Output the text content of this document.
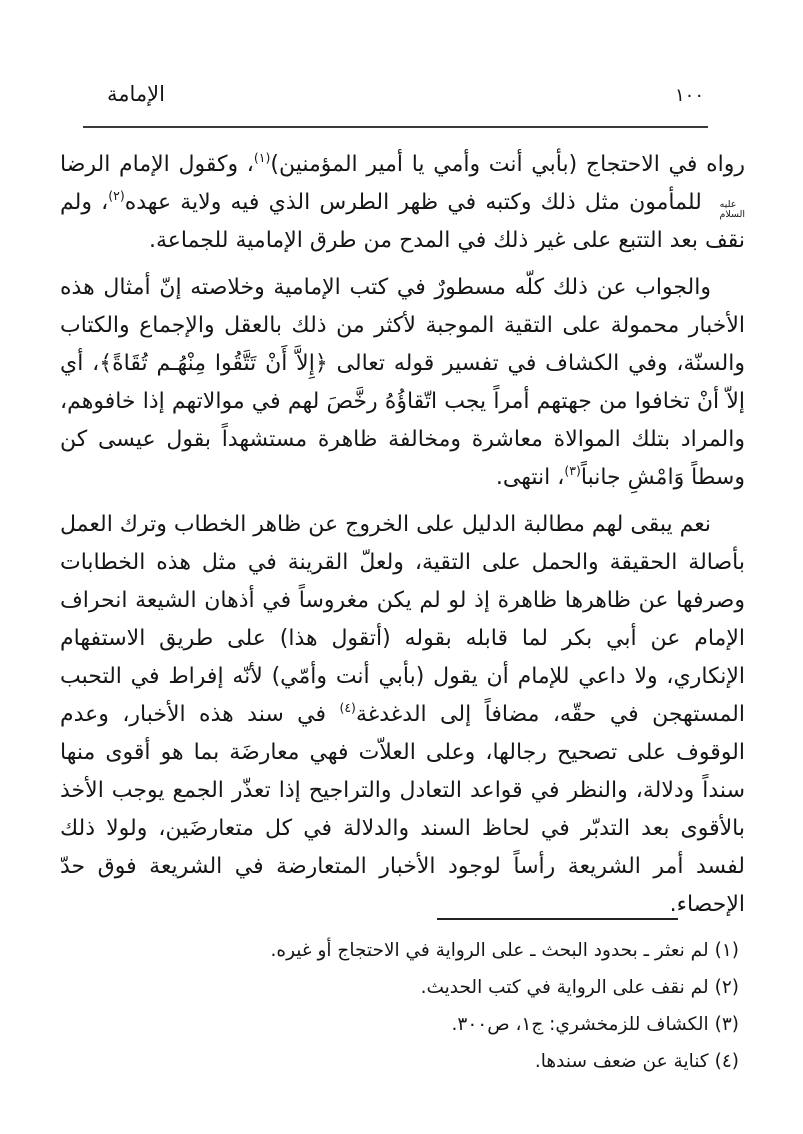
١٠٠
الإمامة

رواه في الاحتجاج (بأبي أنت وأمي يا أمير المؤمنين)$^{(١)}$، وكقول الإمام الرضا عليه السلام للمأمون مثل ذلك وكتبه في ظهر الطرس الذي فيه ولاية عهده$^{(٢)}$، ولم نقف بعد التتبع على غير ذلك في المدح من طرق الإمامية للجماعة.

والجواب عن ذلك كلّه مسطورٌ في كتب الإمامية وخلاصته إنّ أمثال هذه الأخبار محمولة على التقية الموجبة لأكثر من ذلك بالعقل والإجماع والكتاب والسنّة، وفي الكشاف في تفسير قوله تعالى ﴿إِلاَّ أَنْ تَتَّقُوا مِنْهُـم تُقَاةً﴾، أي إلاّ أنْ تخافوا من جهتهم أمراً يجب اتّقاؤُهُ رخَّصَ لهم في موالاتهم إذا خافوهم، والمراد بتلك الموالاة معاشرة ومخالفة ظاهرة مستشهداً بقول عيسى كن وسطاً وَامْشِ جانباً$^{(٣)}$، انتهى.

نعم يبقى لهم مطالبة الدليل على الخروج عن ظاهر الخطاب وترك العمل بأصالة الحقيقة والحمل على التقية، ولعلّ القرينة في مثل هذه الخطابات وصرفها عن ظاهرها ظاهرة إذ لو لم يكن مغروساً في أذهان الشيعة انحراف الإمام عن أبي بكر لما قابله بقوله (أتقول هذا) على طريق الاستفهام الإنكاري، ولا داعي للإمام أن يقول (بأبي أنت وأمّي) لأنّه إفراط في التحبب المستهجن في حقّه، مضافاً إلى الدغدغة$^{(٤)}$ في سند هذه الأخبار، وعدم الوقوف على تصحيح رجالها، وعلى العلاّت فهي معارضَة بما هو أقوى منها سنداً ودلالة، والنظر في قواعد التعادل والتراجيح إذا تعذّر الجمع يوجب الأخذ بالأقوى بعد التدبّر في لحاظ السند والدلالة في كل متعارضَين، ولولا ذلك لفسد أمر الشريعة رأساً لوجود الأخبار المتعارضة في الشريعة فوق حدّ الإحصاء.

(١)لم نعثر ـ بحدود البحث ـ على الرواية في الاحتجاج أو غيره.
(٢)لم نقف على الرواية في كتب الحديث.
(٣)الكشاف للزمخشري: ج١، ص٣٠٠.
(٤)كناية عن ضعف سندها.
